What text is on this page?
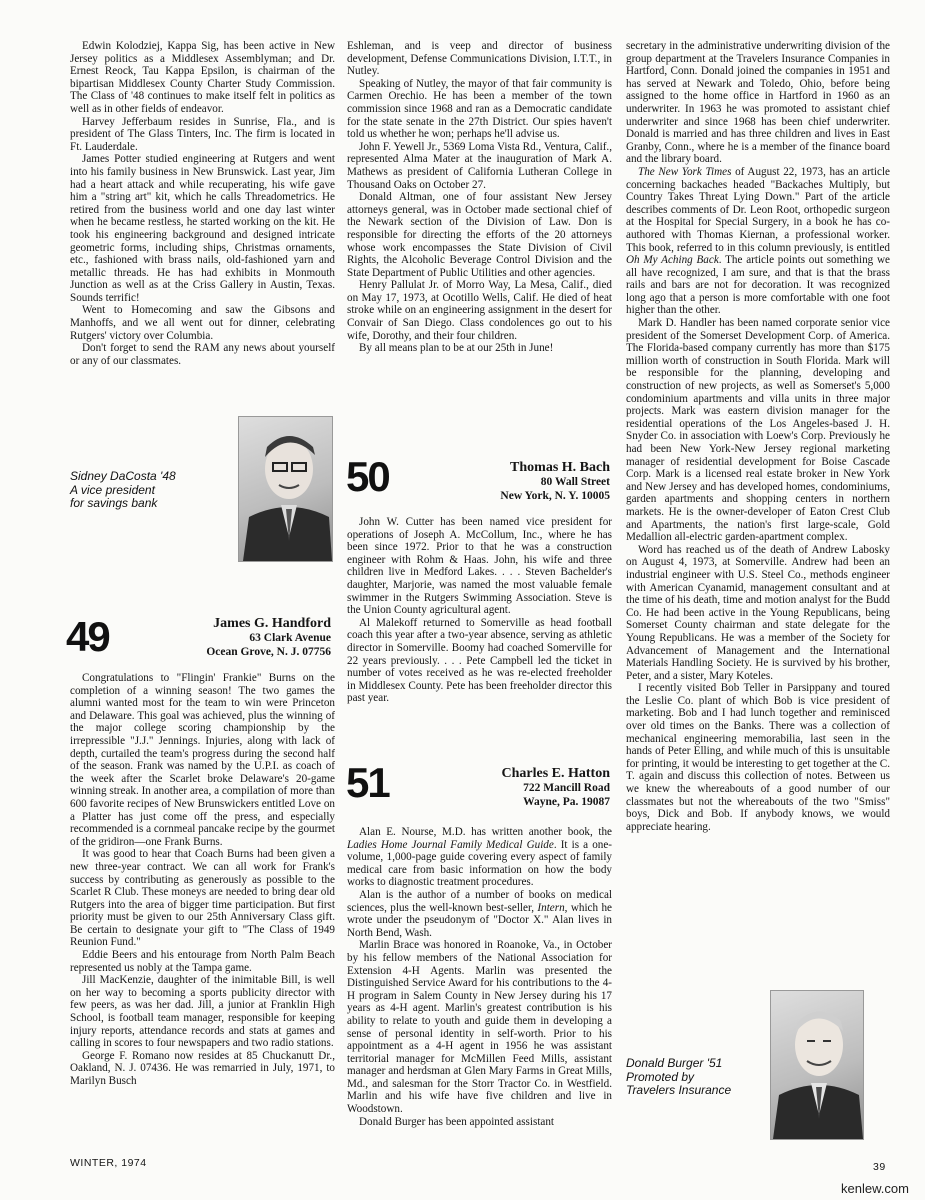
Edwin Kolodziej, Kappa Sig, has been active in New Jersey politics as a Middlesex Assemblyman; and Dr. Ernest Reock, Tau Kappa Epsilon, is chairman of the bipartisan Middlesex County Charter Study Commission. The Class of '48 continues to make itself felt in politics as well as in other fields of endeavor.

Harvey Jefferbaum resides in Sunrise, Fla., and is president of The Glass Tinters, Inc. The firm is located in Ft. Lauderdale.

James Potter studied engineering at Rutgers and went into his family business in New Brunswick. Last year, Jim had a heart attack and while recuperating, his wife gave him a "string art" kit, which he calls Threadometrics. He retired from the business world and one day last winter when he became restless, he started working on the kit. He took his engineering background and designed intricate geometric forms, including ships, Christmas ornaments, etc., fashioned with brass nails, old-fashioned yarn and metallic threads. He has had exhibits in Monmouth Junction as well as at the Criss Gallery in Austin, Texas. Sounds terrific!

Went to Homecoming and saw the Gibsons and Manhoffs, and we all went out for dinner, celebrating Rutgers' victory over Columbia.

Don't forget to send the RAM any news about yourself or any of our classmates.

Sidney DaCosta '48
A vice president
for savings bank
49	James G. Handford
63 Clark Avenue
Ocean Grove, N. J. 07756

Congratulations to "Flingin' Frankie" Burns on the completion of a winning season! The two games the alumni wanted most for the team to win were Princeton and Delaware. This goal was achieved, plus the winning of the major college scoring championship by the irrepressible "J.J." Jennings. Injuries, along with lack of depth, curtailed the team's progress during the second half of the season. Frank was named by the U.P.I. as coach of the week after the Scarlet broke Delaware's 20-game winning streak. In another area, a compilation of more than 600 favorite recipes of New Brunswickers entitled Love on a Platter has just come off the press, and especially recommended is a cornmeal pancake recipe by the gourmet of the gridiron—one Frank Burns.

It was good to hear that Coach Burns had been given a new three-year contract. We can all work for Frank's success by contributing as generously as possible to the Scarlet R Club. These moneys are needed to bring dear old Rutgers into the area of bigger time participation. But first priority must be given to our 25th Anniversary Class gift. Be certain to designate your gift to "The Class of 1949 Reunion Fund."

Eddie Beers and his entourage from North Palm Beach represented us nobly at the Tampa game.

Jill MacKenzie, daughter of the inimitable Bill, is well on her way to becoming a sports publicity director with few peers, as was her dad. Jill, a junior at Franklin High School, is football team manager, responsible for keeping injury reports, attendance records and stats at games and calling in scores to four newspapers and two radio stations.

George F. Romano now resides at 85 Chuckanutt Dr., Oakland, N. J. 07436. He was remarried in July, 1971, to Marilyn Busch

Eshleman, and is veep and director of business development, Defense Communications Division, I.T.T., in Nutley.

Speaking of Nutley, the mayor of that fair community is Carmen Orechio. He has been a member of the town commission since 1968 and ran as a Democratic candidate for the state senate in the 27th District. Our spies haven't told us whether he won; perhaps he'll advise us.

John F. Yewell Jr., 5369 Loma Vista Rd., Ventura, Calif., represented Alma Mater at the inauguration of Mark A. Mathews as president of California Lutheran College in Thousand Oaks on October 27.

Donald Altman, one of four assistant New Jersey attorneys general, was in October made sectional chief of the Newark section of the Division of Law. Don is responsible for directing the efforts of the 20 attorneys whose work encompasses the State Division of Civil Rights, the Alcoholic Beverage Control Division and the State Department of Public Utilities and other agencies.

Henry Pallulat Jr. of Morro Way, La Mesa, Calif., died on May 17, 1973, at Ocotillo Wells, Calif. He died of heat stroke while on an engineering assignment in the desert for Convair of San Diego. Class condolences go out to his wife, Dorothy, and their four children.

By all means plan to be at our 25th in June!

50	Thomas H. Bach
80 Wall Street
New York, N. Y. 10005

John W. Cutter has been named vice president for operations of Joseph A. McCollum, Inc., where he has been since 1972. Prior to that he was a construction engineer with Rohm & Haas. John, his wife and three children live in Medford Lakes. . . . Steven Bachelder's daughter, Marjorie, was named the most valuable female swimmer in the Rutgers Swimming Association. Steve is the Union County agricultural agent.

Al Malekoff returned to Somerville as head football coach this year after a two-year absence, serving as athletic director in Somerville. Boomy had coached Somerville for 22 years previously. . . . Pete Campbell led the ticket in number of votes received as he was re-elected freeholder in Middlesex County. Pete has been freeholder director this past year.

51	Charles E. Hatton
722 Mancill Road
Wayne, Pa. 19087

Alan E. Nourse, M.D. has written another book, the Ladies Home Journal Family Medical Guide. It is a one-volume, 1,000-page guide covering every aspect of family medical care from basic information on how the body works to diagnostic treatment procedures.

Alan is the author of a number of books on medical sciences, plus the well-known best-seller, Intern, which he wrote under the pseudonym of "Doctor X." Alan lives in North Bend, Wash.

Marlin Brace was honored in Roanoke, Va., in October by his fellow members of the National Association for Extension 4-H Agents. Marlin was presented the Distinguished Service Award for his contributions to the 4-H program in Salem County in New Jersey during his 17 years as 4-H agent. Marlin's greatest contribution is his ability to relate to youth and guide them in developing a sense of personal identity in self-worth. Prior to his appointment as a 4-H agent in 1956 he was assistant territorial manager for McMillen Feed Mills, assistant manager and herdsman at Glen Mary Farms in Great Mills, Md., and salesman for the Storr Tractor Co. in Westfield. Marlin and his wife have five children and live in Woodstown.

Donald Burger has been appointed assistant

secretary in the administrative underwriting division of the group department at the Travelers Insurance Companies in Hartford, Conn. Donald joined the companies in 1951 and has served at Newark and Toledo, Ohio, before being assigned to the home office in Hartford in 1960 as an underwriter. In 1963 he was promoted to assistant chief underwriter and since 1968 has been chief underwriter. Donald is married and has three children and lives in East Granby, Conn., where he is a member of the finance board and the library board.

The New York Times of August 22, 1973, has an article concerning backaches headed "Backaches Multiply, but Country Takes Threat Lying Down." Part of the article describes comments of Dr. Leon Root, orthopedic surgeon at the Hospital for Special Surgery, in a book he has co-authored with Thomas Kiernan, a professional worker. This book, referred to in this column previously, is entitled Oh My Aching Back. The article points out something we all have recognized, I am sure, and that is that the brass rails and bars are not for decoration. It was recognized long ago that a person is more comfortable with one foot higher than the other.

Mark D. Handler has been named corporate senior vice president of the Somerset Development Corp. of America. The Florida-based company currently has more than $175 million worth of construction in South Florida. Mark will be responsible for the planning, developing and construction of new projects, as well as Somerset's 5,000 condominium apartments and villa units in three major projects. Mark was eastern division manager for the residential operations of the Los Angeles-based J. H. Snyder Co. in association with Loew's Corp. Previously he had been New York-New Jersey regional marketing manager of residential development for Boise Cascade Corp. Mark is a licensed real estate broker in New York and New Jersey and has developed homes, condominiums, garden apartments and shopping centers in northern markets. He is the owner-developer of Eaton Crest Club and Apartments, the nation's first large-scale, Gold Medallion all-electric garden-apartment complex.

Word has reached us of the death of Andrew Labosky on August 4, 1973, at Somerville. Andrew had been an industrial engineer with U.S. Steel Co., methods engineer with American Cyanamid, management consultant and at the time of his death, time and motion analyst for the Budd Co. He had been active in the Young Republicans, being Somerset County chairman and state delegate for the Young Republicans. He was a member of the Society for Advancement of Management and the International Materials Handling Society. He is survived by his brother, Peter, and a sister, Mary Koteles.

I recently visited Bob Teller in Parsippany and toured the Leslie Co. plant of which Bob is vice president of marketing. Bob and I had lunch together and reminisced over old times on the Banks. There was a collection of mechanical engineering memorabilia, last seen in the hands of Peter Elling, and while much of this is unsuitable for printing, it would be interesting to get together at the C. T. again and discuss this collection of notes. Between us we knew the whereabouts of a good number of our classmates but not the whereabouts of the two "Smiss" boys, Dick and Bob. If anybody knows, we would appreciate hearing.

Donald Burger '51
Promoted by
Travelers Insurance
WINTER, 1974	39
kenlew.com
